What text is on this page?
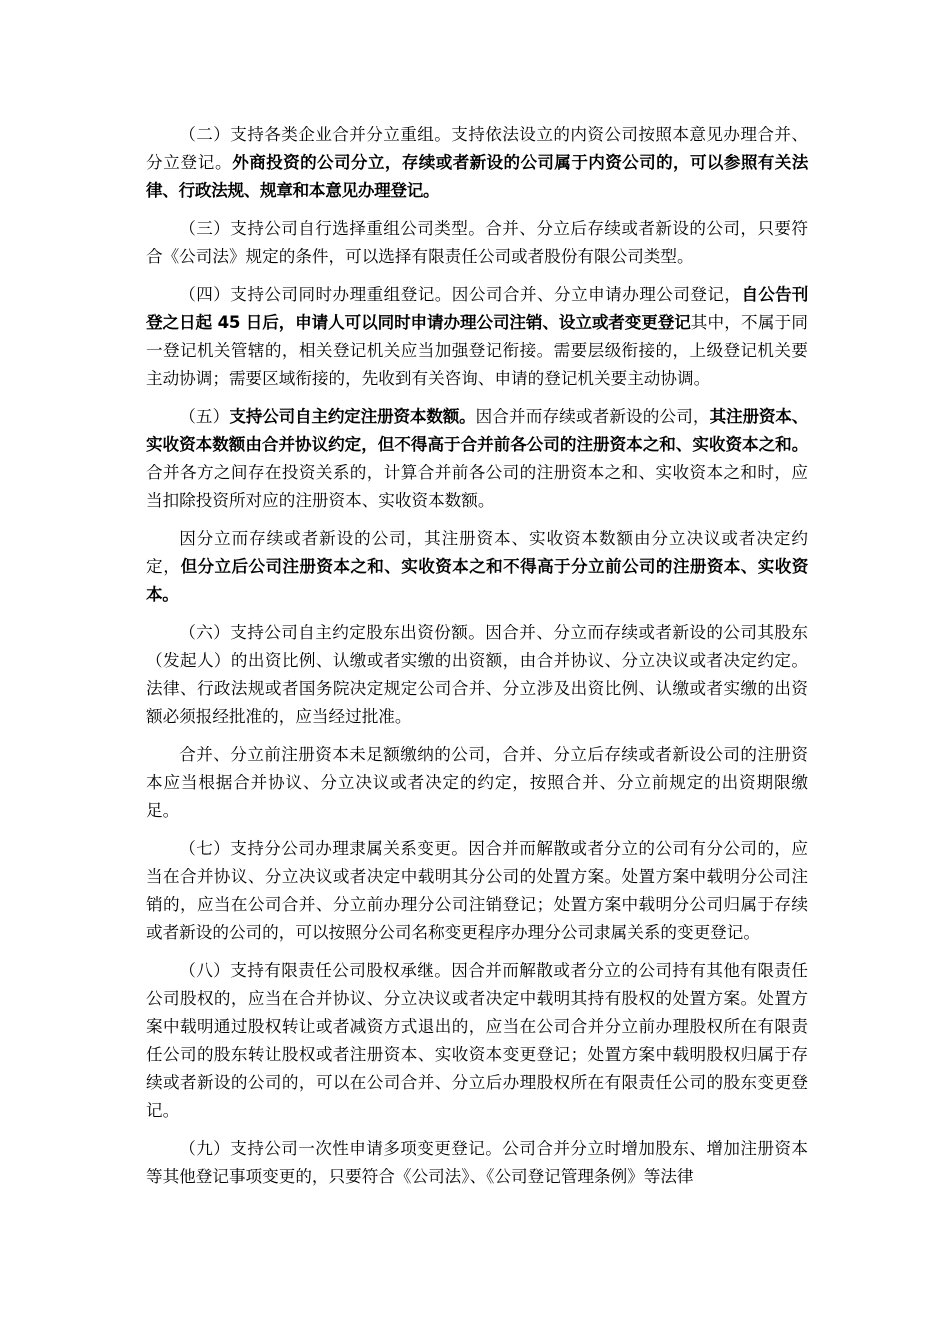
（二）支持各类企业合并分立重组。支持依法设立的内资公司按照本意见办理合并、分立登记。外商投资的公司分立，存续或者新设的公司属于内资公司的，可以参照有关法律、行政法规、规章和本意见办理登记。

（三）支持公司自行选择重组公司类型。合并、分立后存续或者新设的公司，只要符合《公司法》规定的条件，可以选择有限责任公司或者股份有限公司类型。

（四）支持公司同时办理重组登记。因公司合并、分立申请办理公司登记，自公告刊登之日起 45 日后，申请人可以同时申请办理公司注销、设立或者变更登记其中，不属于同一登记机关管辖的，相关登记机关应当加强登记衔接。需要层级衔接的，上级登记机关要主动协调；需要区域衔接的，先收到有关咨询、申请的登记机关要主动协调。

（五）支持公司自主约定注册资本数额。因合并而存续或者新设的公司，其注册资本、实收资本数额由合并协议约定，但不得高于合并前各公司的注册资本之和、实收资本之和。合并各方之间存在投资关系的，计算合并前各公司的注册资本之和、实收资本之和时，应当扣除投资所对应的注册资本、实收资本数额。

因分立而存续或者新设的公司，其注册资本、实收资本数额由分立决议或者决定约定，但分立后公司注册资本之和、实收资本之和不得高于分立前公司的注册资本、实收资本。

（六）支持公司自主约定股东出资份额。因合并、分立而存续或者新设的公司其股东（发起人）的出资比例、认缴或者实缴的出资额，由合并协议、分立决议或者决定约定。法律、行政法规或者国务院决定规定公司合并、分立涉及出资比例、认缴或者实缴的出资额必须报经批准的，应当经过批准。

合并、分立前注册资本未足额缴纳的公司，合并、分立后存续或者新设公司的注册资本应当根据合并协议、分立决议或者决定的约定，按照合并、分立前规定的出资期限缴足。

（七）支持分公司办理隶属关系变更。因合并而解散或者分立的公司有分公司的，应当在合并协议、分立决议或者决定中载明其分公司的处置方案。处置方案中载明分公司注销的，应当在公司合并、分立前办理分公司注销登记；处置方案中载明分公司归属于存续或者新设的公司的，可以按照分公司名称变更程序办理分公司隶属关系的变更登记。

（八）支持有限责任公司股权承继。因合并而解散或者分立的公司持有其他有限责任公司股权的，应当在合并协议、分立决议或者决定中载明其持有股权的处置方案。处置方案中载明通过股权转让或者减资方式退出的，应当在公司合并分立前办理股权所在有限责任公司的股东转让股权或者注册资本、实收资本变更登记；处置方案中载明股权归属于存续或者新设的公司的，可以在公司合并、分立后办理股权所在有限责任公司的股东变更登记。

（九）支持公司一次性申请多项变更登记。公司合并分立时增加股东、增加注册资本等其他登记事项变更的，只要符合《公司法》、《公司登记管理条例》等法律
